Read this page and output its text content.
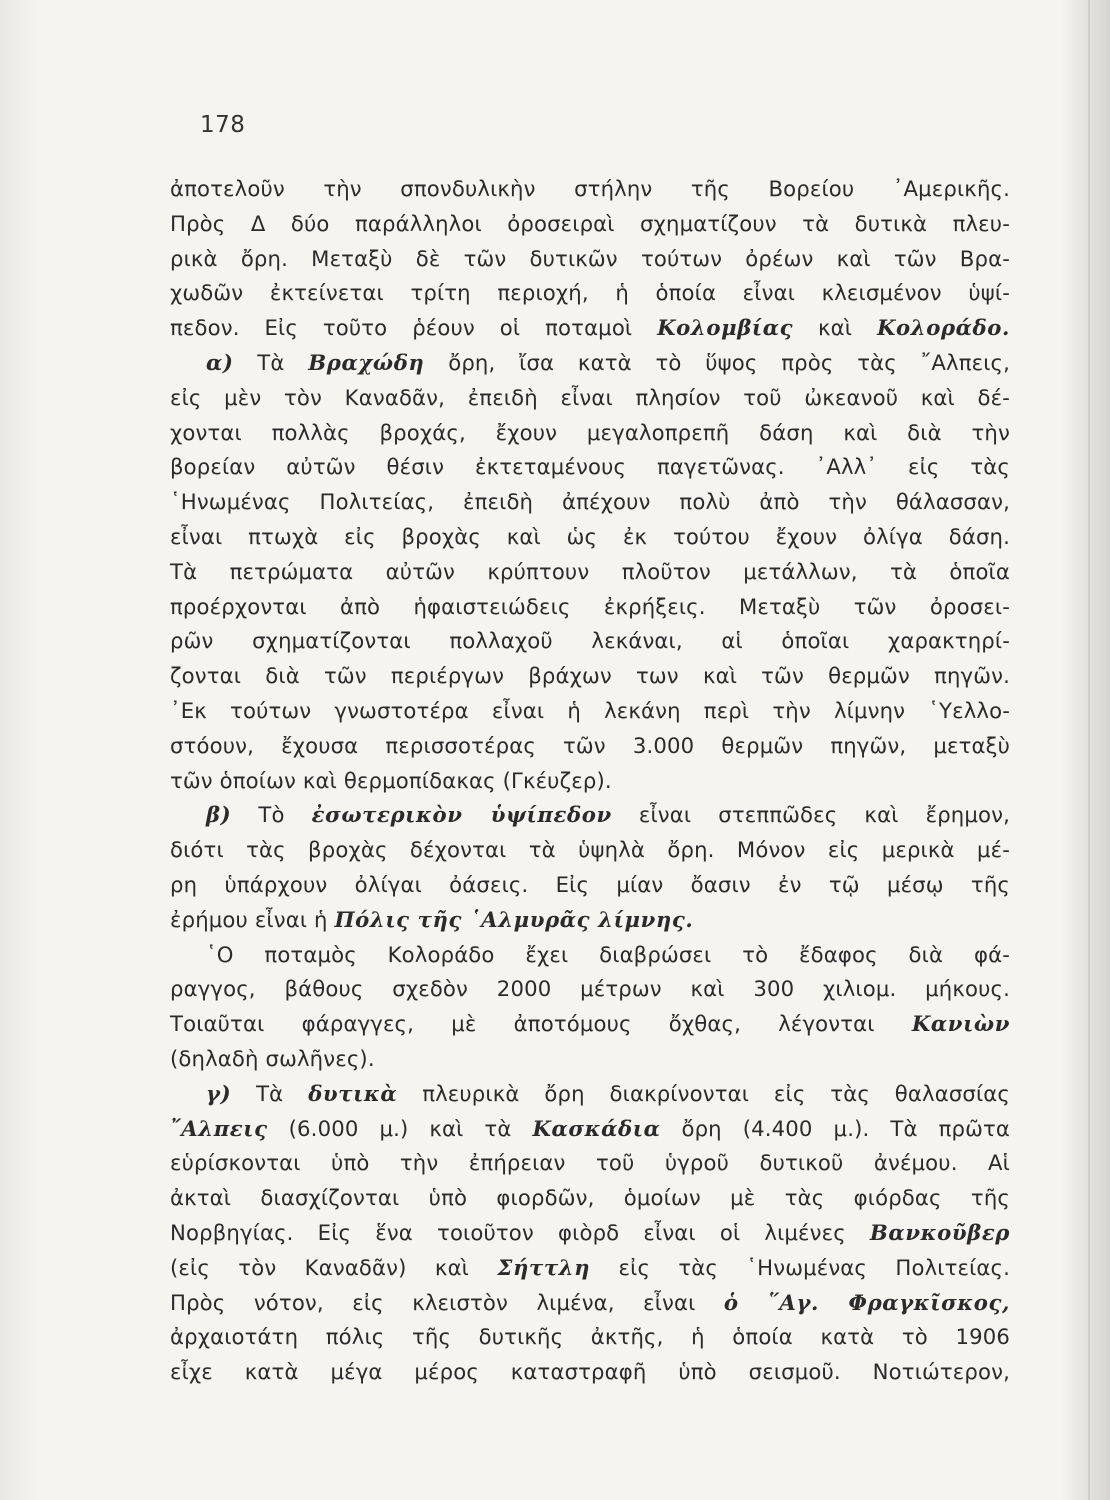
178
ἀποτελοῦν τὴν σπονδυλικὴν στήλην τῆς Βορείου ᾿Αμερικῆς.
Πρὸς Δ δύο παράλληλοι ὀροσειραὶ σχηματίζουν τὰ δυτικὰ πλευ-
ρικὰ ὄρη. Μεταξὺ δὲ τῶν δυτικῶν τούτων ὀρέων καὶ τῶν Βρα-
χωδῶν ἐκτείνεται τρίτη περιοχή, ἡ ὁποία εἶναι κλεισμένον ὑψί-
πεδον. Εἰς τοῦτο ῥέουν οἱ ποταμοὶ Κολομβίας καὶ Κολοράδο.
α) Τὰ Βραχώδη ὄρη, ἴσα κατὰ τὸ ὕψος πρὸς τὰς ῎Αλπεις,
εἰς μὲν τὸν Καναδᾶν, ἐπειδὴ εἶναι πλησίον τοῦ ὠκεανοῦ καὶ δέ-
χονται πολλὰς βροχάς, ἔχουν μεγαλοπρεπῆ δάση καὶ διὰ τὴν
βορείαν αὐτῶν θέσιν ἐκτεταμένους παγετῶνας. ᾿Αλλ᾿ εἰς τὰς
῾Ηνωμένας Πολιτείας, ἐπειδὴ ἀπέχουν πολὺ ἀπὸ τὴν θάλασσαν,
εἶναι πτωχὰ εἰς βροχὰς καὶ ὡς ἐκ τούτου ἔχουν ὀλίγα δάση.
Τὰ πετρώματα αὐτῶν κρύπτουν πλοῦτον μετάλλων, τὰ ὁποῖα
προέρχονται ἀπὸ ἡφαιστειώδεις ἐκρήξεις. Μεταξὺ τῶν ὀροσει-
ρῶν σχηματίζονται πολλαχοῦ λεκάναι, αἱ ὁποῖαι χαρακτηρί-
ζονται διὰ τῶν περιέργων βράχων των καὶ τῶν θερμῶν πηγῶν.
᾿Εκ τούτων γνωστοτέρα εἶναι ἡ λεκάνη περὶ τὴν λίμνην ῾Υελλο-
στόουν, ἔχουσα περισσοτέρας τῶν 3.000 θερμῶν πηγῶν, μεταξὺ
τῶν ὁποίων καὶ θερμοπίδακας (Γκέυζερ).
β) Τὸ ἐσωτερικὸν ὑψίπεδον εἶναι στεππῶδες καὶ ἔρημον,
διότι τὰς βροχὰς δέχονται τὰ ὑψηλὰ ὄρη. Μόνον εἰς μερικὰ μέ-
ρη ὑπάρχουν ὀλίγαι ὀάσεις. Εἰς μίαν ὄασιν ἐν τῷ μέσῳ τῆς
ἐρήμου εἶναι ἡ Πόλις τῆς ῾Αλμυρᾶς λίμνης.
῾Ο ποταμὸς Κολοράδο ἔχει διαβρώσει τὸ ἔδαφος διὰ φά-
ραγγος, βάθους σχεδὸν 2000 μέτρων καὶ 300 χιλιομ. μήκους.
Τοιαῦται φάραγγες, μὲ ἀποτόμους ὄχθας, λέγονται Κανιὼν
(δηλαδὴ σωλῆνες).
γ) Τὰ δυτικὰ πλευρικὰ ὄρη διακρίνονται εἰς τὰς θαλασσίας
῎Αλπεις (6.000 μ.) καὶ τὰ Κασκάδια ὄρη (4.400 μ.). Τὰ πρῶτα
εὑρίσκονται ὑπὸ τὴν ἐπήρειαν τοῦ ὑγροῦ δυτικοῦ ἀνέμου. Αἱ
ἀκταὶ διασχίζονται ὑπὸ φιορδῶν, ὁμοίων μὲ τὰς φιόρδας τῆς
Νορβηγίας. Εἰς ἕνα τοιοῦτον φιὸρδ εἶναι οἱ λιμένες Βανκοῦβερ
(εἰς τὸν Καναδᾶν) καὶ Σήττλη εἰς τὰς ῾Ηνωμένας Πολιτείας.
Πρὸς νότον, εἰς κλειστὸν λιμένα, εἶναι ὁ ῞Αγ. Φραγκῖσκος,
ἀρχαιοτάτη πόλις τῆς δυτικῆς ἀκτῆς, ἡ ὁποία κατὰ τὸ 1906
εἶχε κατὰ μέγα μέρος καταστραφῆ ὑπὸ σεισμοῦ. Νοτιώτερον,
